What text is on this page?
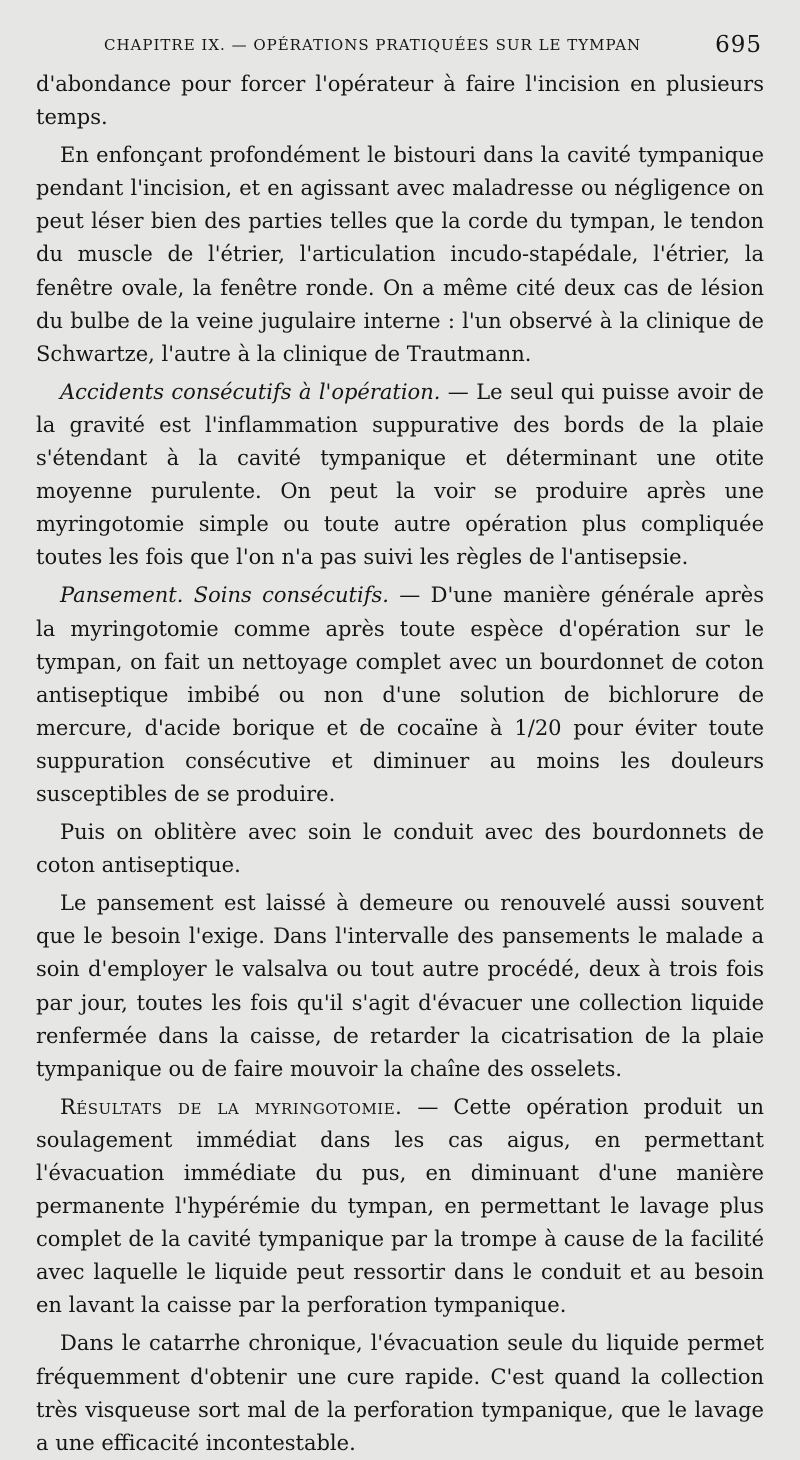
CHAPITRE IX. — OPÉRATIONS PRATIQUÉES SUR LE TYMPAN	695

d'abondance pour forcer l'opérateur à faire l'incision en plusieurs temps.

En enfonçant profondément le bistouri dans la cavité tympanique pendant l'incision, et en agissant avec maladresse ou négligence on peut léser bien des parties telles que la corde du tympan, le tendon du muscle de l'étrier, l'articulation incudo-stapédale, l'étrier, la fenêtre ovale, la fenêtre ronde. On a même cité deux cas de lésion du bulbe de la veine jugulaire interne : l'un observé à la clinique de Schwartze, l'autre à la clinique de Trautmann.

Accidents consécutifs à l'opération. — Le seul qui puisse avoir de la gravité est l'inflammation suppurative des bords de la plaie s'étendant à la cavité tympanique et déterminant une otite moyenne purulente. On peut la voir se produire après une myringotomie simple ou toute autre opération plus compliquée toutes les fois que l'on n'a pas suivi les règles de l'antisepsie.

Pansement. Soins consécutifs. — D'une manière générale après la myringotomie comme après toute espèce d'opération sur le tympan, on fait un nettoyage complet avec un bourdonnet de coton antiseptique imbibé ou non d'une solution de bichlorure de mercure, d'acide borique et de cocaïne à 1/20 pour éviter toute suppuration consécutive et diminuer au moins les douleurs susceptibles de se produire.

Puis on oblitère avec soin le conduit avec des bourdonnets de coton antiseptique.

Le pansement est laissé à demeure ou renouvelé aussi souvent que le besoin l'exige. Dans l'intervalle des pansements le malade a soin d'employer le valsalva ou tout autre procédé, deux à trois fois par jour, toutes les fois qu'il s'agit d'évacuer une collection liquide renfermée dans la caisse, de retarder la cicatrisation de la plaie tympanique ou de faire mouvoir la chaîne des osselets.

Résultats de la myringotomie. — Cette opération produit un soulagement immédiat dans les cas aigus, en permettant l'évacuation immédiate du pus, en diminuant d'une manière permanente l'hypérémie du tympan, en permettant le lavage plus complet de la cavité tympanique par la trompe à cause de la facilité avec laquelle le liquide peut ressortir dans le conduit et au besoin en lavant la caisse par la perforation tympanique.

Dans le catarrhe chronique, l'évacuation seule du liquide permet fréquemment d'obtenir une cure rapide. C'est quand la collection très visqueuse sort mal de la perforation tympanique, que le lavage a une efficacité incontestable.
